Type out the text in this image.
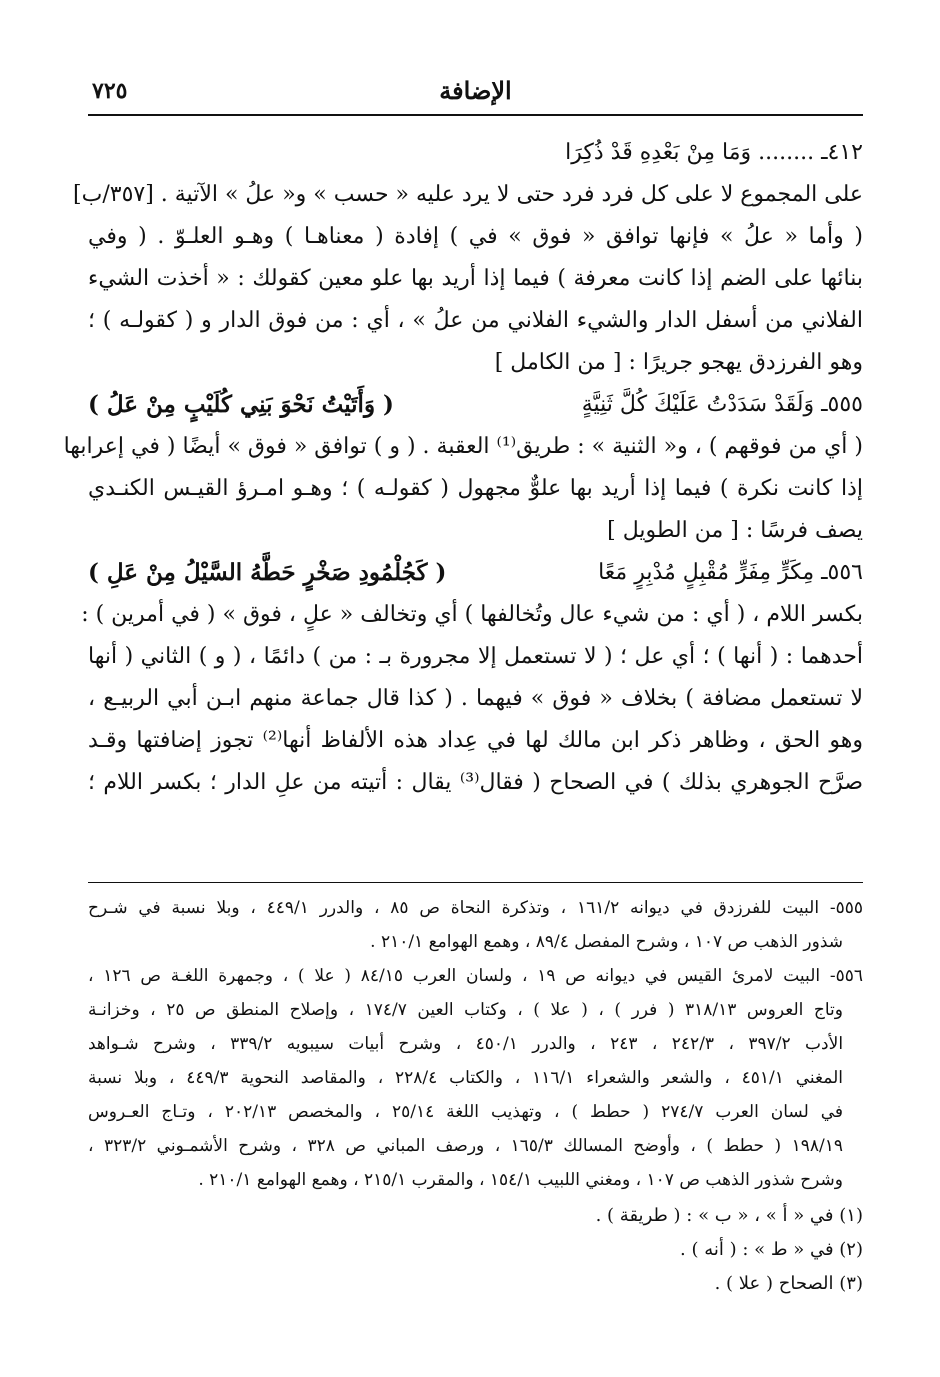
الإضافة
٧٢٥
٤١٢ـ ........ وَمَا مِنْ بَعْدِهِ قَدْ ذُكِرَا
على المجموع لا على كل فرد فرد حتى لا يرد عليه « حسب » و« علُ » الآتية . [٣٥٧/ب]
( وأما « علُ » فإنها توافق « فوق » في ) إفادة ( معناهـا ) وهـو العلـوّ . ( وفي
بنائها على الضم إذا كانت معرفة ) فيما إذا أريد بها علو معين كقولك : « أخذت الشيء
الفلاني من أسفل الدار والشيء الفلاني من علُ » ، أي : من فوق الدار و ( كقولـه ) ؛
وهو الفرزدق يهجو جريرًا : [ من الكامل ]
٥٥٥ـ وَلَقَدْ سَدَدْتُ عَلَيْكَ كُلَّ ثَنِيَّةٍ
( وَأَتَيْتُ نَحْوَ بَنِي كُلَيْبٍ مِنْ عَلُ )
( أي من فوقهم ) ، و« الثنية » : طريق⁽¹⁾ العقبة . ( و ) توافق « فوق » أيضًا ( في إعرابها
إذا كانت نكرة ) فيما إذا أريد بها علوٌّ مجهول ( كقولـه ) ؛ وهـو امـرؤ القيـس الكنـدي
يصف فرسًا : [ من الطويل ]
٥٥٦ـ مِكَرٍّ مِفَرٍّ مُقْبِلٍ مُدْبِرٍ مَعًا
( كَجُلْمُودِ صَخْرٍ حَطَّهُ السَّيْلُ مِنْ عَلِ )
بكسر اللام ، ( أي : من شيء عال وتُخالفها ) أي وتخالف « علٍ ، فوق » ( في أمرين ) :
أحدهما : ( أنها ) ؛ أي عل ؛ ( لا تستعمل إلا مجرورة بـ : من ) دائمًا ، ( و ) الثاني ( أنها
لا تستعمل مضافة ) بخلاف « فوق » فيهما . ( كذا قال جماعة منهم ابـن أبي الربيـع ،
وهو الحق ، وظاهر ذكر ابن مالك لها في عِداد هذه الألفاظ أنها⁽²⁾ تجوز إضافتها وقـد
صرَّح الجوهري بذلك ) في الصحاح ( فقال⁽³⁾ يقال : أتيته من علِ الدار ؛ بكسر اللام ؛
٥٥٥- البيت للفرزدق في ديوانه ١٦١/٢ ، وتذكرة النحاة ص ٨٥ ، والدرر ٤٤٩/١ ، وبلا نسبة في شـرح
شذور الذهب ص ١٠٧ ، وشرح المفصل ٨٩/٤ ، وهمع الهوامع ٢١٠/١ .
٥٥٦- البيت لامرئ القيس في ديوانه ص ١٩ ، ولسان العرب ٨٤/١٥ ( علا ) ، وجمهرة اللغـة ص ١٢٦ ،
وتاج العروس ٣١٨/١٣ ( فرر ) ، ( علا ) ، وكتاب العين ١٧٤/٧ ، وإصلاح المنطق ص ٢٥ ، وخزانـة
الأدب ٣٩٧/٢ ، ٢٤٢/٣ ، ٢٤٣ ، والدرر ٤٥٠/١ ، وشرح أبيات سيبويه ٣٣٩/٢ ، وشرح شـواهد
المغني ٤٥١/١ ، والشعر والشعراء ١١٦/١ ، والكتاب ٢٢٨/٤ ، والمقاصد النحوية ٤٤٩/٣ ، وبلا نسبة
في لسان العرب ٢٧٤/٧ ( حطط ) ، وتهذيب اللغة ٢٥/١٤ ، والمخصص ٢٠٢/١٣ ، وتـاج العـروس
١٩٨/١٩ ( حطط ) ، وأوضح المسالك ١٦٥/٣ ، ورصف المباني ص ٣٢٨ ، وشرح الأشمـوني ٣٢٣/٢ ،
وشرح شذور الذهب ص ١٠٧ ، ومغني اللبيب ١٥٤/١ ، والمقرب ٢١٥/١ ، وهمع الهوامع ٢١٠/١ .
(١) في « أ » ، « ب » : ( طريقة ) .
(٢) في « ط » : ( أنه ) .
(٣) الصحاح ( علا ) .
